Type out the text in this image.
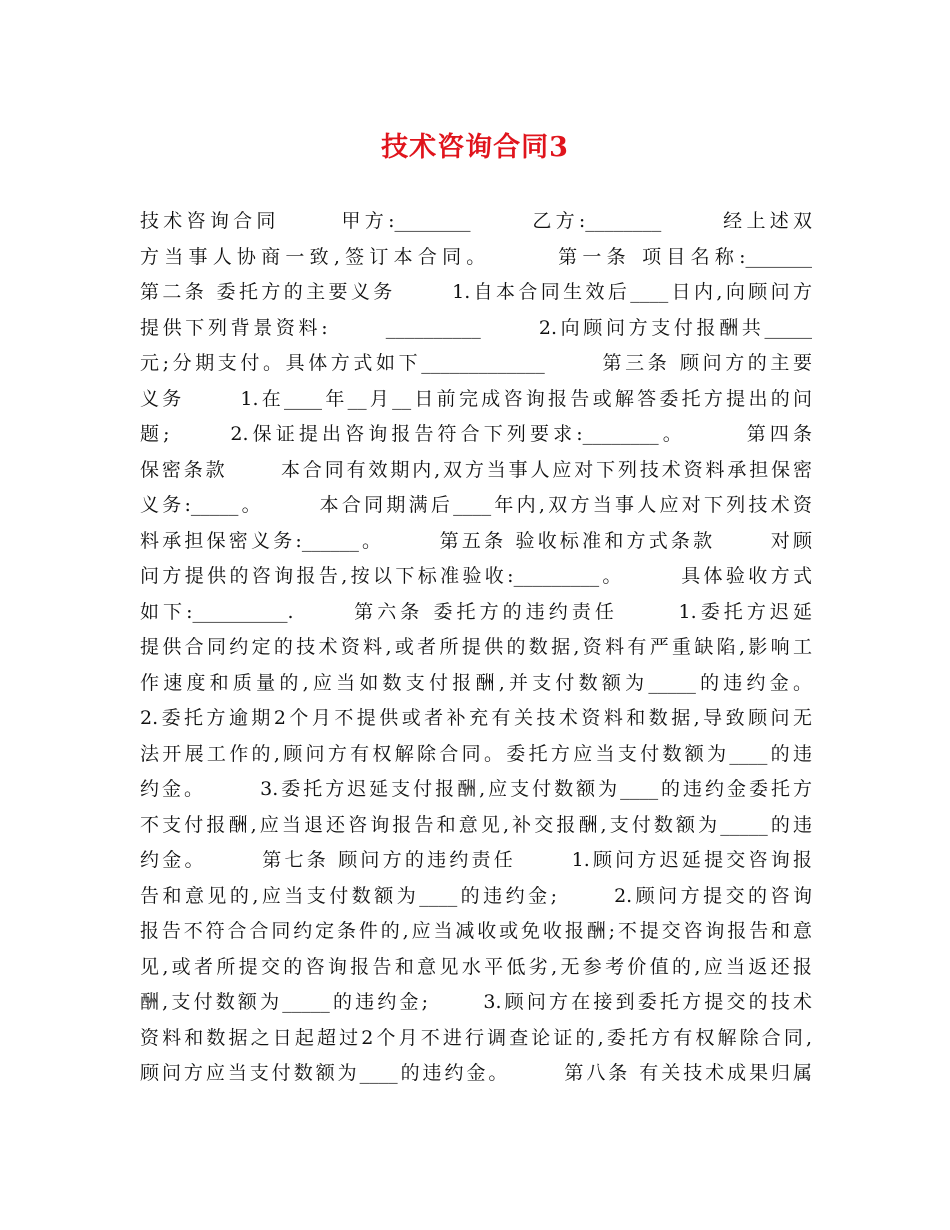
技术咨询合同3
技术咨询合同      甲方:________      乙方:________      经上述双
方当事人协商一致,签订本合同。      第一条 项目名称:_______
第二条 委托方的主要义务      1.自本合同生效后____日内,向顾问方
提供下列背景资料:      __________      2.向顾问方支付报酬共_____
元;分期支付。具体方式如下_____________      第三条 顾问方的主要
义务      1.在____年__月__日前完成咨询报告或解答委托方提出的问
题;      2.保证提出咨询报告符合下列要求:________。      第四条
保密条款      本合同有效期内,双方当事人应对下列技术资料承担保密
义务:_____。      本合同期满后____年内,双方当事人应对下列技术资
料承担保密义务:______。      第五条 验收标准和方式条款      对顾
问方提供的咨询报告,按以下标准验收:_________。      具体验收方式
如下:__________.      第六条 委托方的违约责任      1.委托方迟延
提供合同约定的技术资料,或者所提供的数据,资料有严重缺陷,影响工
作速度和质量的,应当如数支付报酬,并支付数额为_____的违约金。
2.委托方逾期2个月不提供或者补充有关技术资料和数据,导致顾问无
法开展工作的,顾问方有权解除合同。委托方应当支付数额为____的违
约金。      3.委托方迟延支付报酬,应支付数额为____的违约金委托方
不支付报酬,应当退还咨询报告和意见,补交报酬,支付数额为_____的违
约金。      第七条 顾问方的违约责任      1.顾问方迟延提交咨询报
告和意见的,应当支付数额为____的违约金;      2.顾问方提交的咨询
报告不符合合同约定条件的,应当减收或免收报酬;不提交咨询报告和意
见,或者所提交的咨询报告和意见水平低劣,无参考价值的,应当返还报
酬,支付数额为_____的违约金;      3.顾问方在接到委托方提交的技术
资料和数据之日起超过2个月不进行调查论证的,委托方有权解除合同,
顾问方应当支付数额为____的违约金。      第八条 有关技术成果归属
